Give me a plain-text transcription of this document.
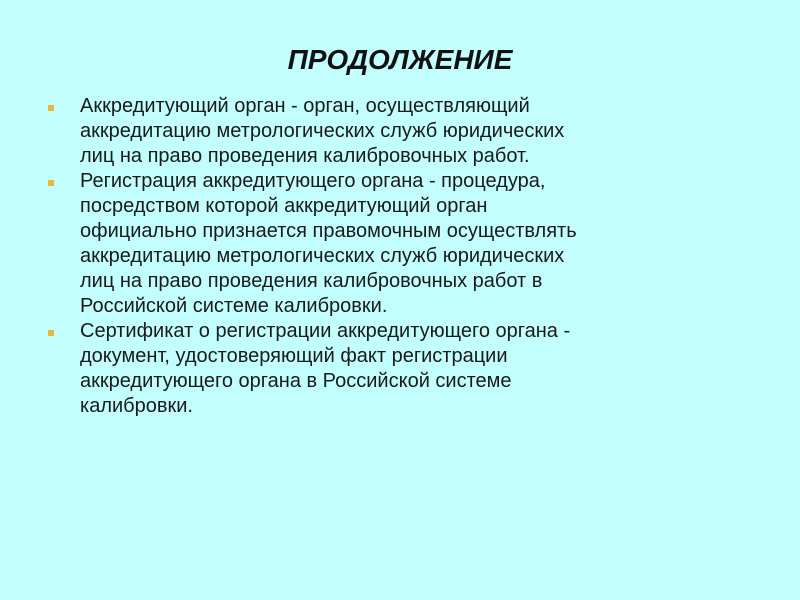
ПРОДОЛЖЕНИЕ
Аккредитующий орган - орган, осуществляющий
аккредитацию метрологических служб юридических
лиц на право проведения калибровочных работ.
Регистрация аккредитующего органа - процедура,
посредством которой аккредитующий орган
официально признается правомочным осуществлять
аккредитацию метрологических служб юридических
лиц на право проведения калибровочных работ в
Российской системе калибровки.
Сертификат о регистрации аккредитующего органа -
документ, удостоверяющий факт регистрации
аккредитующего органа в Российской системе
калибровки.
